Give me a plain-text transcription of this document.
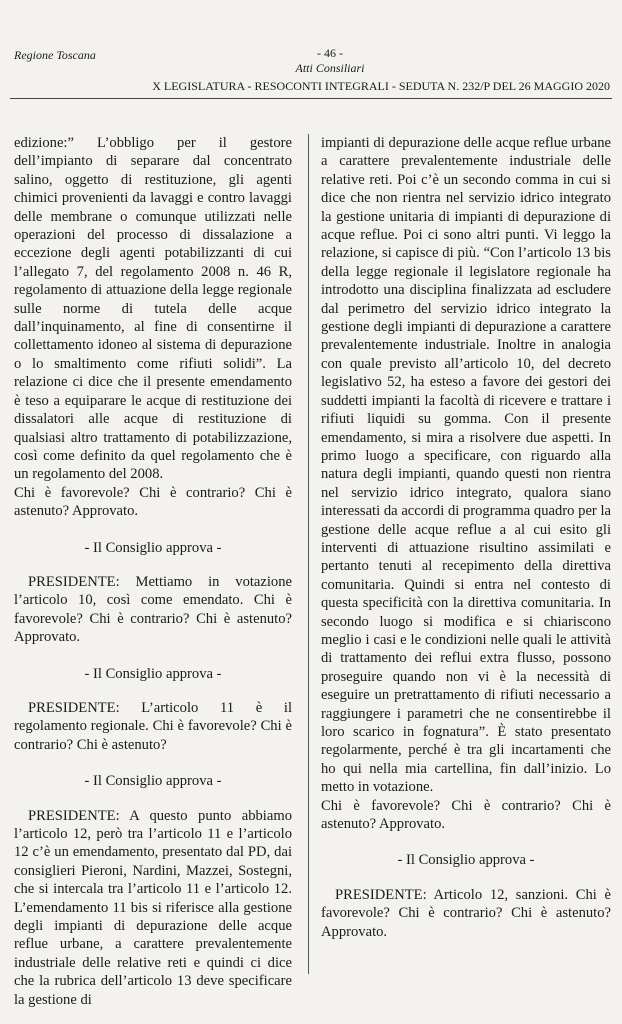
Regione Toscana	- 46 -
Atti Consiliari
X LEGISLATURA - RESOCONTI INTEGRALI - SEDUTA N. 232/P DEL 26 MAGGIO 2020

edizione:” L’obbligo per il gestore dell’impianto di separare dal concentrato salino, oggetto di restituzione, gli agenti chimici provenienti da lavaggi e contro lavaggi delle membrane o comunque utilizzati nelle operazioni del processo di dissalazione a eccezione degli agenti potabilizzanti di cui l’allegato 7, del regolamento 2008 n. 46 R, regolamento di attuazione della legge regionale sulle norme di tutela delle acque dall’inquinamento, al fine di consentirne il collettamento idoneo al sistema di depurazione o lo smaltimento come rifiuti solidi”. La relazione ci dice che il presente emendamento è teso a equiparare le acque di restituzione dei dissalatori alle acque di restituzione di qualsiasi altro trattamento di potabilizzazione, così come definito da quel regolamento che è un regolamento del 2008.

Chi è favorevole? Chi è contrario? Chi è astenuto? Approvato.

- Il Consiglio approva -

PRESIDENTE: Mettiamo in votazione l’articolo 10, così come emendato. Chi è favorevole? Chi è contrario? Chi è astenuto? Approvato.

- Il Consiglio approva -

PRESIDENTE: L’articolo 11 è il regolamento regionale. Chi è favorevole? Chi è contrario? Chi è astenuto?

- Il Consiglio approva -

PRESIDENTE: A questo punto abbiamo l’articolo 12, però tra l’articolo 11 e l’articolo 12 c’è un emendamento, presentato dal PD, dai consiglieri Pieroni, Nardini, Mazzei, Sostegni, che si intercala tra l’articolo 11 e l’articolo 12. L’emendamento 11 bis si riferisce alla gestione degli impianti di depurazione delle acque reflue urbane, a carattere prevalentemente industriale delle relative reti e quindi ci dice che la rubrica dell’articolo 13 deve specificare la gestione di

impianti di depurazione delle acque reflue urbane a carattere prevalentemente industriale delle relative reti. Poi c’è un secondo comma in cui si dice che non rientra nel servizio idrico integrato la gestione unitaria di impianti di depurazione di acque reflue. Poi ci sono altri punti. Vi leggo la relazione, si capisce di più. “Con l’articolo 13 bis della legge regionale il legislatore regionale ha introdotto una disciplina finalizzata ad escludere dal perimetro del servizio idrico integrato la gestione degli impianti di depurazione a carattere prevalentemente industriale. Inoltre in analogia con quale previsto all’articolo 10, del decreto legislativo 52, ha esteso a favore dei gestori dei suddetti impianti la facoltà di ricevere e trattare i rifiuti liquidi su gomma. Con il presente emendamento, si mira a risolvere due aspetti. In primo luogo a specificare, con riguardo alla natura degli impianti, quando questi non rientra nel servizio idrico integrato, qualora siano interessati da accordi di programma quadro per la gestione delle acque reflue a al cui esito gli interventi di attuazione risultino assimilati e pertanto tenuti al recepimento della direttiva comunitaria. Quindi si entra nel contesto di questa specificità con la direttiva comunitaria. In secondo luogo si modifica e si chiariscono meglio i casi e le condizioni nelle quali le attività di trattamento dei reflui extra flusso, possono proseguire quando non vi è la necessità di eseguire un pretrattamento di rifiuti necessario a raggiungere i parametri che ne consentirebbe il loro scarico in fognatura”. È stato presentato regolarmente, perché è tra gli incartamenti che ho qui nella mia cartellina, fin dall’inizio. Lo metto in votazione.

Chi è favorevole? Chi è contrario? Chi è astenuto? Approvato.

- Il Consiglio approva -

PRESIDENTE: Articolo 12, sanzioni. Chi è favorevole? Chi è contrario? Chi è astenuto? Approvato.
